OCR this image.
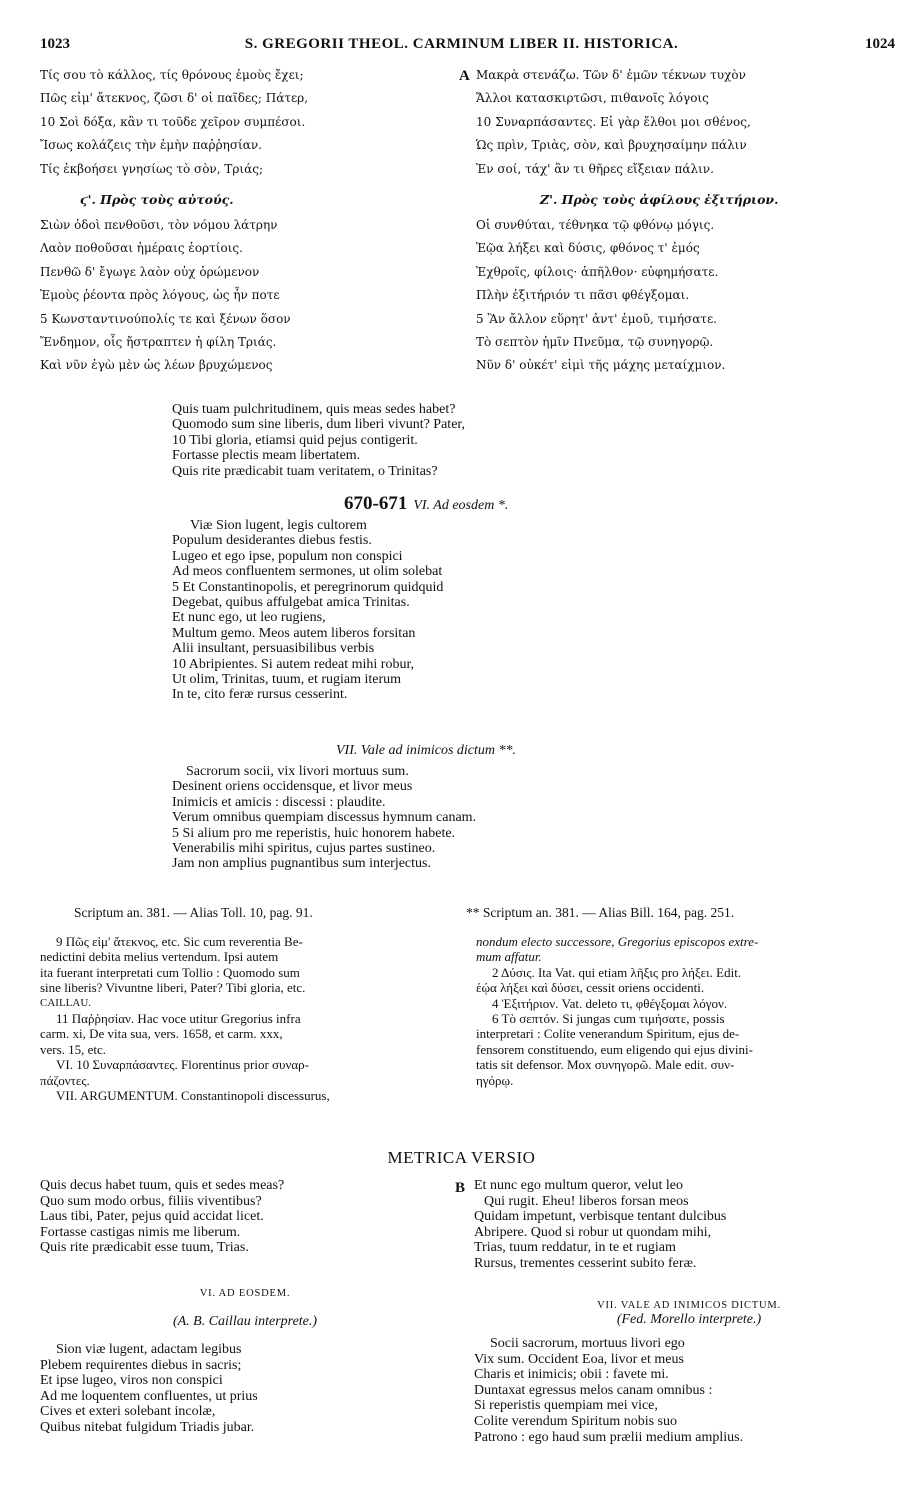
1023	S. GREGORII THEOL. CARMINUM LIBER II. HISTORICA.	1024
Τίς σου τὸ κάλλος, τίς θρόνους ἐμοὺς ἔχει;
Πῶς εἰμ' ἄτεκνος, ζῶσι δ' οἱ παῖδες; Πάτερ,
10 Σοὶ δόξα, κἂν τι τοῦδε χεῖρον συμπέσοι.
Ἴσως κολάζεις τὴν ἐμὴν παῤῥησίαν.
Τίς ἐκβοήσει γνησίως τὸ σὸν, Τριάς;
ϛ'. Πρὸς τοὺς αὐτούς.
Σιὼν ὁδοὶ πενθοῦσι, τὸν νόμου λάτρην
Λαὸν ποθοῦσαι ἡμέραις ἑορτίοις.
Πενθῶ δ' ἔγωγε λαὸν οὐχ ὁρώμενον
Ἐμοὺς ῥέοντα πρὸς λόγους, ὡς ἦν ποτε
5 Κωνσταντινούπολίς τε καὶ ξένων ὅσον
Ἔνδημον, οἷς ἤστραπτεν ἡ φίλη Τριάς.
Καὶ νῦν ἐγὼ μὲν ὡς λέων βρυχώμενος
A Μακρὰ στενάζω. Τῶν δ' ἐμῶν τέκνων τυχὸν
Ἄλλοι κατασκιρτῶσι, πιθανοῖς λόγοις
10 Συναρπάσαντες. Εἰ γὰρ ἔλθοι μοι σθένος,
Ὡς πρὶν, Τριὰς, σὸν, καὶ βρυχησαίμην πάλιν
Ἐν σοί, τάχ' ἂν τι θῆρες εἴξειαν πάλιν.
Ζ'. Πρὸς τοὺς ἀφίλους ἐξιτήριον.
Οἱ συνθύται, τέθνηκα τῷ φθόνῳ μόγις.
Ἑῷα λήξει καὶ δύσις, φθόνος τ' ἐμός
Ἐχθροῖς, φίλοις· ἀπῆλθον· εὐφημήσατε.
Πλὴν ἐξιτήριόν τι πᾶσι φθέγξομαι.
5 Ἂν ἄλλον εὕρητ' ἀντ' ἐμοῦ, τιμήσατε.
Τὸ σεπτὸν ἡμῖν Πνεῦμα, τῷ συνηγορῷ.
Νῦν δ' οὐκέτ' εἰμὶ τῆς μάχης μεταίχμιον.
Quis tuam pulchritudinem, quis meas sedes habet?
Quomodo sum sine liberis, dum liberi vivunt? Pater,
10 Tibi gloria, etiamsi quid pejus contigerit.
Fortasse plectis meam libertatem.
Quis rite prædicabit tuam veritatem, o Trinitas?
670-671 VI. Ad eosdem *.
Viæ Sion lugent, legis cultorem
Populum desiderantes diebus festis.
Lugeo et ego ipse, populum non conspici
Ad meos confluentem sermones, ut olim solebat
5 Et Constantinopolis, et peregrinorum quidquid
Degebat, quibus affulgebat amica Trinitas.
Et nunc ego, ut leo rugiens,
Multum gemo. Meos autem liberos forsitan
Alii insultant, persuasibilibus verbis
10 Abripientes. Si autem redeat mihi robur,
Ut olim, Trinitas, tuum, et rugiam iterum
In te, cito feræ rursus cesserint.
VII. Vale ad inimicos dictum **.
Sacrorum socii, vix livori mortuus sum.
Desinent oriens occidensque, et livor meus
Inimicis et amicis : discessi : plaudite.
Verum omnibus quempiam discessus hymnum canam.
5 Si alium pro me reperistis, huic honorem habete.
Venerabilis mihi spiritus, cujus partes sustineo.
Jam non amplius pugnantibus sum interjectus.
Scriptum an. 381. — Alias Toll. 10, pag. 91.	** Scriptum an. 381. — Alias Bill. 164, pag. 251.
9 Πῶς εἰμ' ἄτεκνος, etc. Sic cum reverentia Be-
nedictini debita melius vertendum. Ipsi autem
ita fuerant interpretati cum Tollio : Quomodo sum
sine liberis? Vivuntne liberi, Pater? Tibi gloria, etc.
CAILLAU.
11 Παῤῥησίαν. Hac voce utitur Gregorius infra
carm. xi, De vita sua, vers. 1658, et carm. xxx,
vers. 15, etc.
VI. 10 Συναρπάσαντες. Florentinus prior συναρ-
πάζοντες.
VII. ARGUMENTUM. Constantinopoli discessurus,
nondum electo successore, Gregorius episcopos extre-
mum affatur.
2 Δύσις. Ita Vat. qui etiam λῆξις pro λήξει. Edit.
ἑῴα λήξει καὶ δύσει, cessit oriens occidenti.
4 Ἐξιτήριον. Vat. deleto τι, φθέγξομαι λόγον.
6 Τὸ σεπτόν. Si jungas cum τιμήσατε, possis
interpretari : Colite venerandum Spiritum, ejus de-
fensorem constituendo, eum eligendo qui ejus divini-
tatis sit defensor. Mox συνηγορῶ. Male edit. συν-
ηγόρῳ.
METRICA VERSIO
Quis decus habet tuum, quis et sedes meas?
Quo sum modo orbus, filiis viventibus?
Laus tibi, Pater, pejus quid accidat licet.
Fortasse castigas nimis me liberum.
Quis rite prædicabit esse tuum, Trias.
VI. AD EOSDEM.
(A. B. Caillau interprete.)
Sion viæ lugent, adactam legibus
Plebem requirentes diebus in sacris;
Et ipse lugeo, viros non conspici
Ad me loquentem confluentes, ut prius
Cives et exteri solebant incolæ,
Quibus nitebat fulgidum Triadis jubar.
B Et nunc ego multum queror, velut leo
Qui rugit. Eheu! liberos forsan meos
Quidam impetunt, verbisque tentant dulcibus
Abripere. Quod si robur ut quondam mihi,
Trias, tuum reddatur, in te et rugiam
Rursus, trementes cesserint subito feræ.
VII. VALE AD INIMICOS DICTUM.
(Fed. Morello interprete.)
Socii sacrorum, mortuus livori ego
Vix sum. Occident Eoa, livor et meus
Charis et inimicis; obii : favete mi.
Duntaxat egressus melos canam omnibus :
Si reperistis quempiam mei vice,
Colite verendum Spiritum nobis suo
Patrono : ego haud sum prælii medium amplius.
